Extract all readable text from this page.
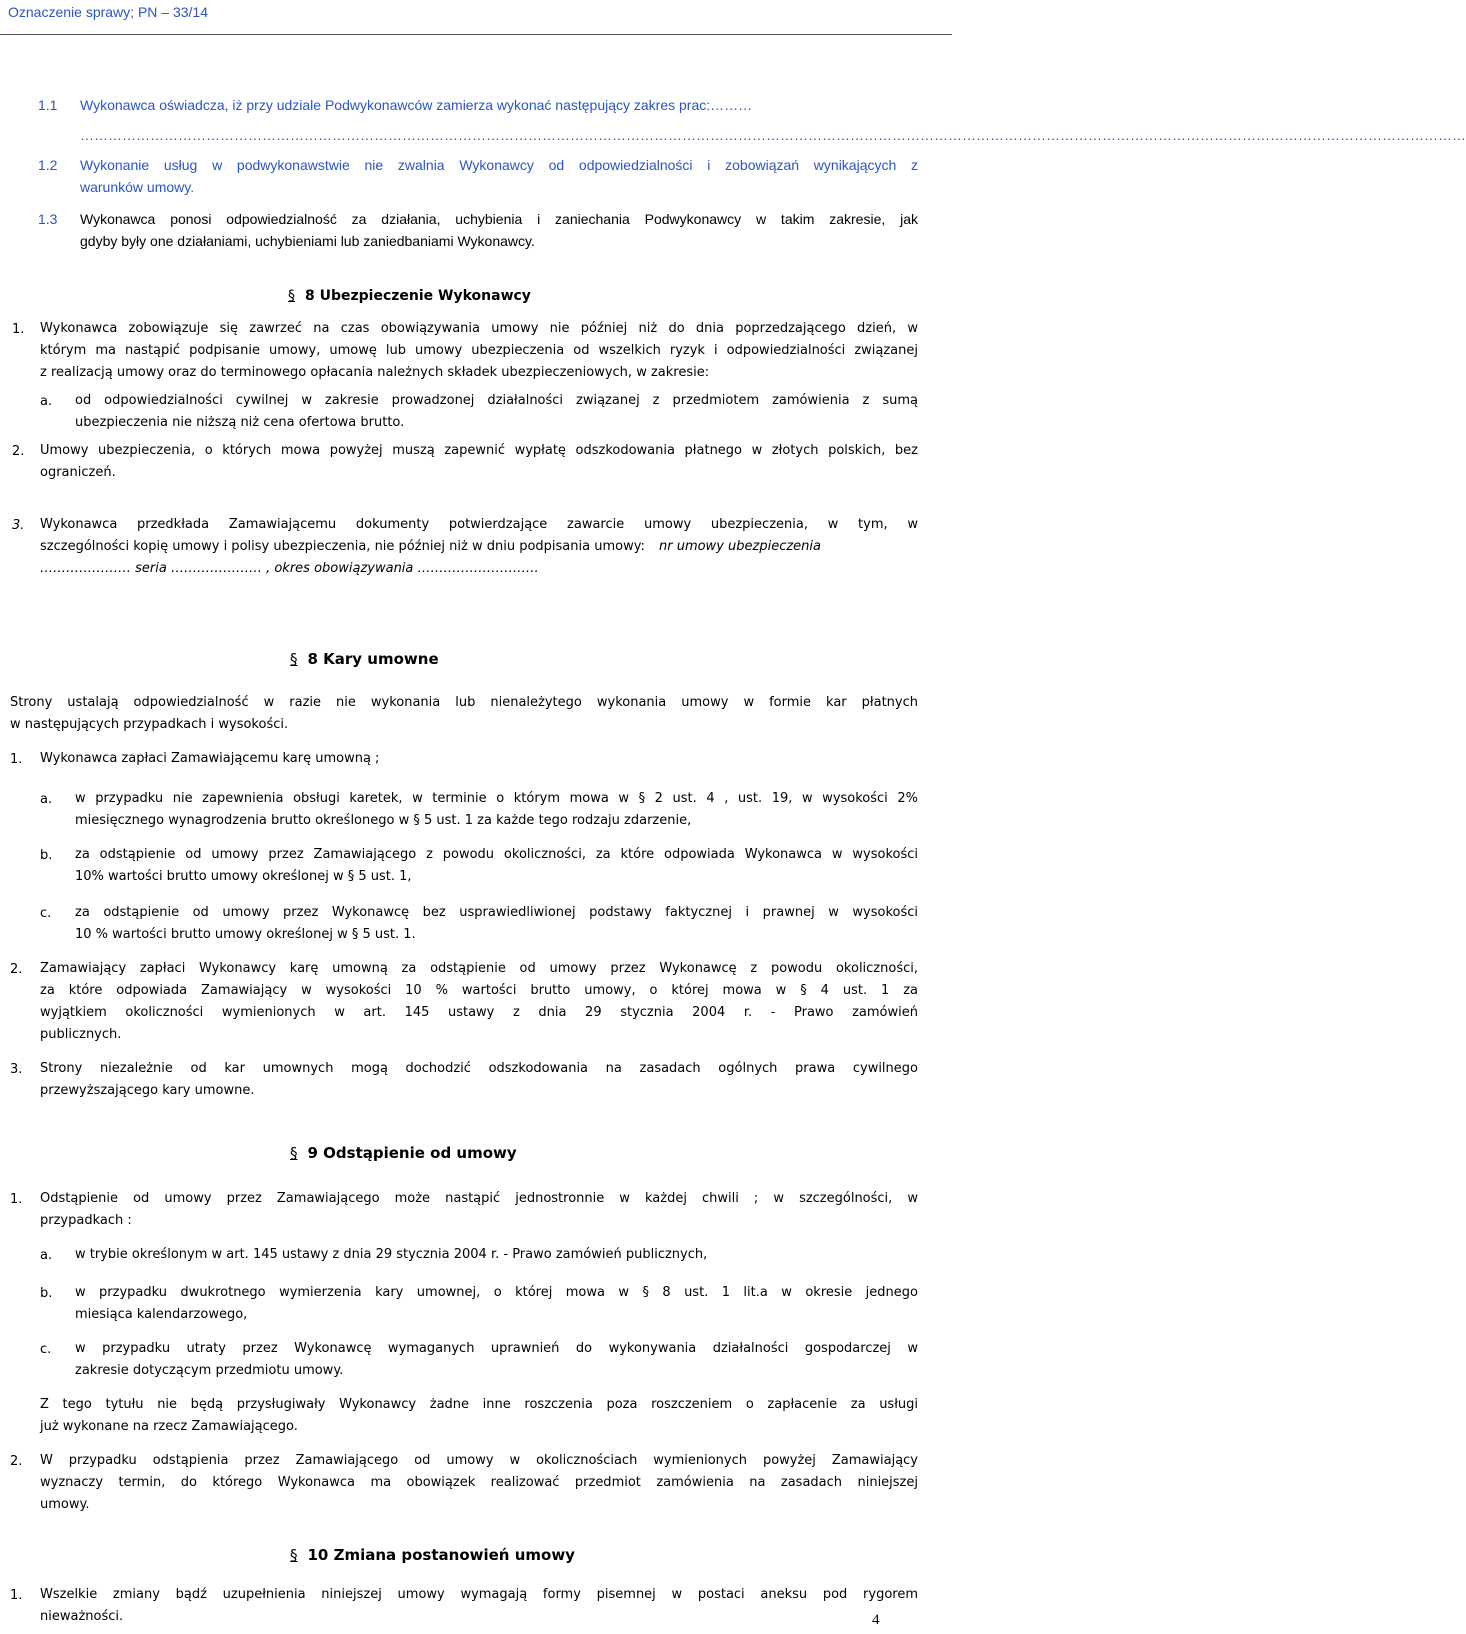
Oznaczenie sprawy; PN – 33/14
1.1 Wykonawca oświadcza, iż przy udziale Podwykonawców zamierza wykonać następujący zakres prac:………
………………………………………………………………………………………………………………………………………………………………………………………………………………………………………………………………………
1.2 Wykonanie usług w podwykonawstwie nie zwalnia Wykonawcy od odpowiedzialności i zobowiązań wynikających z
warunków umowy.
1.3 Wykonawca ponosi odpowiedzialność za działania, uchybienia i zaniechania Podwykonawcy w takim zakresie, jak
gdyby były one działaniami, uchybieniami lub zaniedbaniami Wykonawcy.
§ 8 Ubezpieczenie Wykonawcy
1. Wykonawca zobowiązuje się zawrzeć na czas obowiązywania umowy nie później niż do dnia poprzedzającego dzień, w
którym ma nastąpić podpisanie umowy, umowę lub umowy ubezpieczenia od wszelkich ryzyk i odpowiedzialności związanej
z realizacją umowy oraz do terminowego opłacania należnych składek ubezpieczeniowych, w zakresie:
a. od odpowiedzialności cywilnej w zakresie prowadzonej działalności związanej z przedmiotem zamówienia z sumą
ubezpieczenia nie niższą niż cena ofertowa brutto.
2. Umowy ubezpieczenia, o których mowa powyżej muszą zapewnić wypłatę odszkodowania płatnego w złotych polskich, bez
ograniczeń.
3. Wykonawca przedkłada Zamawiającemu dokumenty potwierdzające zawarcie umowy ubezpieczenia, w tym, w
szczególności kopię umowy i polisy ubezpieczenia, nie później niż w dniu podpisania umowy: nr umowy ubezpieczenia
………………… seria ………………… , okres obowiązywania ……………………….
§ 8 Kary umowne
Strony ustalają odpowiedzialność w razie nie wykonania lub nienależytego wykonania umowy w formie kar płatnych
w następujących przypadkach i wysokości.
1. Wykonawca zapłaci Zamawiającemu karę umowną ;
a. w przypadku nie zapewnienia obsługi karetek, w terminie o którym mowa w § 2 ust. 4 , ust. 19, w wysokości 2%
miesięcznego wynagrodzenia brutto określonego w § 5 ust. 1 za każde tego rodzaju zdarzenie,
b. za odstąpienie od umowy przez Zamawiającego z powodu okoliczności, za które odpowiada Wykonawca w wysokości
10% wartości brutto umowy określonej w § 5 ust. 1,
c. za odstąpienie od umowy przez Wykonawcę bez usprawiedliwionej podstawy faktycznej i prawnej w wysokości
10 % wartości brutto umowy określonej w § 5 ust. 1.
2. Zamawiający zapłaci Wykonawcy karę umowną za odstąpienie od umowy przez Wykonawcę z powodu okoliczności,
za które odpowiada Zamawiający w wysokości 10 % wartości brutto umowy, o której mowa w § 4 ust. 1 za
wyjątkiem okoliczności wymienionych w art. 145 ustawy z dnia 29 stycznia 2004 r. - Prawo zamówień
publicznych.
3. Strony niezależnie od kar umownych mogą dochodzić odszkodowania na zasadach ogólnych prawa cywilnego
przewyższającego kary umowne.
§ 9 Odstąpienie od umowy
1. Odstąpienie od umowy przez Zamawiającego może nastąpić jednostronnie w każdej chwili ; w szczególności, w
przypadkach :
a. w trybie określonym w art. 145 ustawy z dnia 29 stycznia 2004 r. - Prawo zamówień publicznych,
b. w przypadku dwukrotnego wymierzenia kary umownej, o której mowa w § 8 ust. 1 lit.a w okresie jednego
miesiąca kalendarzowego,
c. w przypadku utraty przez Wykonawcę wymaganych uprawnień do wykonywania działalności gospodarczej w
zakresie dotyczącym przedmiotu umowy.
Z tego tytułu nie będą przysługiwały Wykonawcy żadne inne roszczenia poza roszczeniem o zapłacenie za usługi
już wykonane na rzecz Zamawiającego.
2. W przypadku odstąpienia przez Zamawiającego od umowy w okolicznościach wymienionych powyżej Zamawiający
wyznaczy termin, do którego Wykonawca ma obowiązek realizować przedmiot zamówienia na zasadach niniejszej
umowy.
§ 10 Zmiana postanowień umowy
4
1. Wszelkie zmiany bądź uzupełnienia niniejszej umowy wymagają formy pisemnej w postaci aneksu pod rygorem
nieważności.
